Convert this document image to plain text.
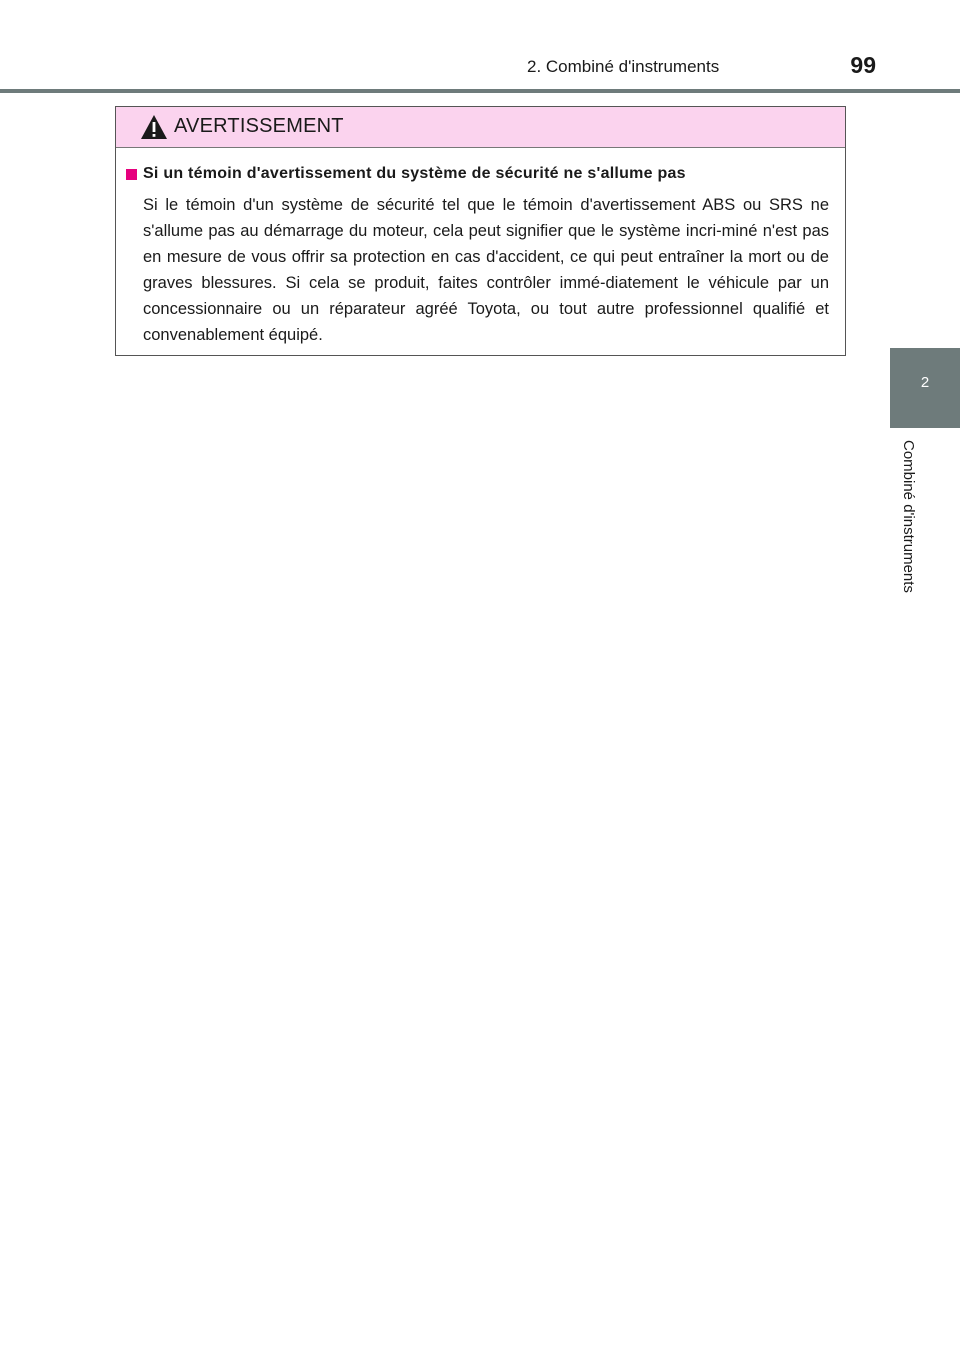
2. Combiné d'instruments	99
2
Combiné d'instruments
AVERTISSEMENT
Si un témoin d'avertissement du système de sécurité ne s'allume pas

Si le témoin d'un système de sécurité tel que le témoin d'avertissement ABS ou SRS ne s'allume pas au démarrage du moteur, cela peut signifier que le système incri-miné n'est pas en mesure de vous offrir sa protection en cas d'accident, ce qui peut entraîner la mort ou de graves blessures. Si cela se produit, faites contrôler immé-diatement le véhicule par un concessionnaire ou un réparateur agréé Toyota, ou tout autre professionnel qualifié et convenablement équipé.
